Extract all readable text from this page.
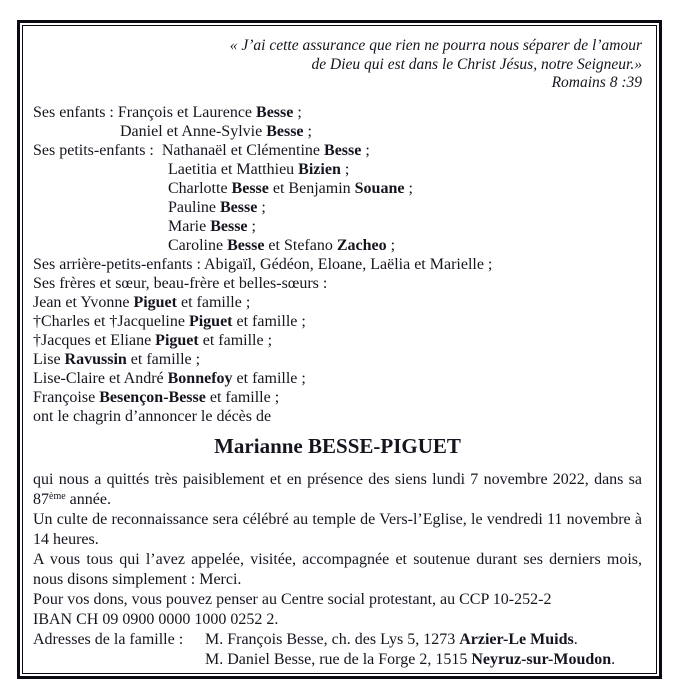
« J’ai cette assurance que rien ne pourra nous séparer de l’amour
de Dieu qui est dans le Christ Jésus, notre Seigneur.»
Romains 8 :39
Ses enfants : François et Laurence Besse ;
Daniel et Anne-Sylvie Besse ;
Ses petits-enfants :  Nathanaël et Clémentine Besse ;
Laetitia et Matthieu Bizien ;
Charlotte Besse et Benjamin Souane ;
Pauline Besse ;
Marie Besse ;
Caroline Besse et Stefano Zacheo ;
Ses arrière-petits-enfants : Abigaïl, Gédéon, Eloane, Laëlia et Marielle ;
Ses frères et sœur, beau-frère et belles-sœurs :
Jean et Yvonne Piguet et famille ;
†Charles et †Jacqueline Piguet et famille ;
†Jacques et Eliane Piguet et famille ;
Lise Ravussin et famille ;
Lise-Claire et André Bonnefoy et famille ;
Françoise Besençon-Besse et famille ;
ont le chagrin d’annoncer le décès de
Marianne BESSE-PIGUET
qui nous a quittés très paisiblement et en présence des siens lundi 7 novembre 2022, dans sa 87ème année.
Un culte de reconnaissance sera célébré au temple de Vers-l’Eglise, le vendredi 11 novembre à 14 heures.
A vous tous qui l’avez appelée, visitée, accompagnée et soutenue durant ses derniers mois, nous disons simplement : Merci.
Pour vos dons, vous pouvez penser au Centre social protestant, au CCP 10-252-2
IBAN CH 09 0900 0000 1000 0252 2.
Adresses de la famille :	M. François Besse, ch. des Lys 5, 1273 Arzier-Le Muids.
M. Daniel Besse, rue de la Forge 2, 1515 Neyruz-sur-Moudon.
